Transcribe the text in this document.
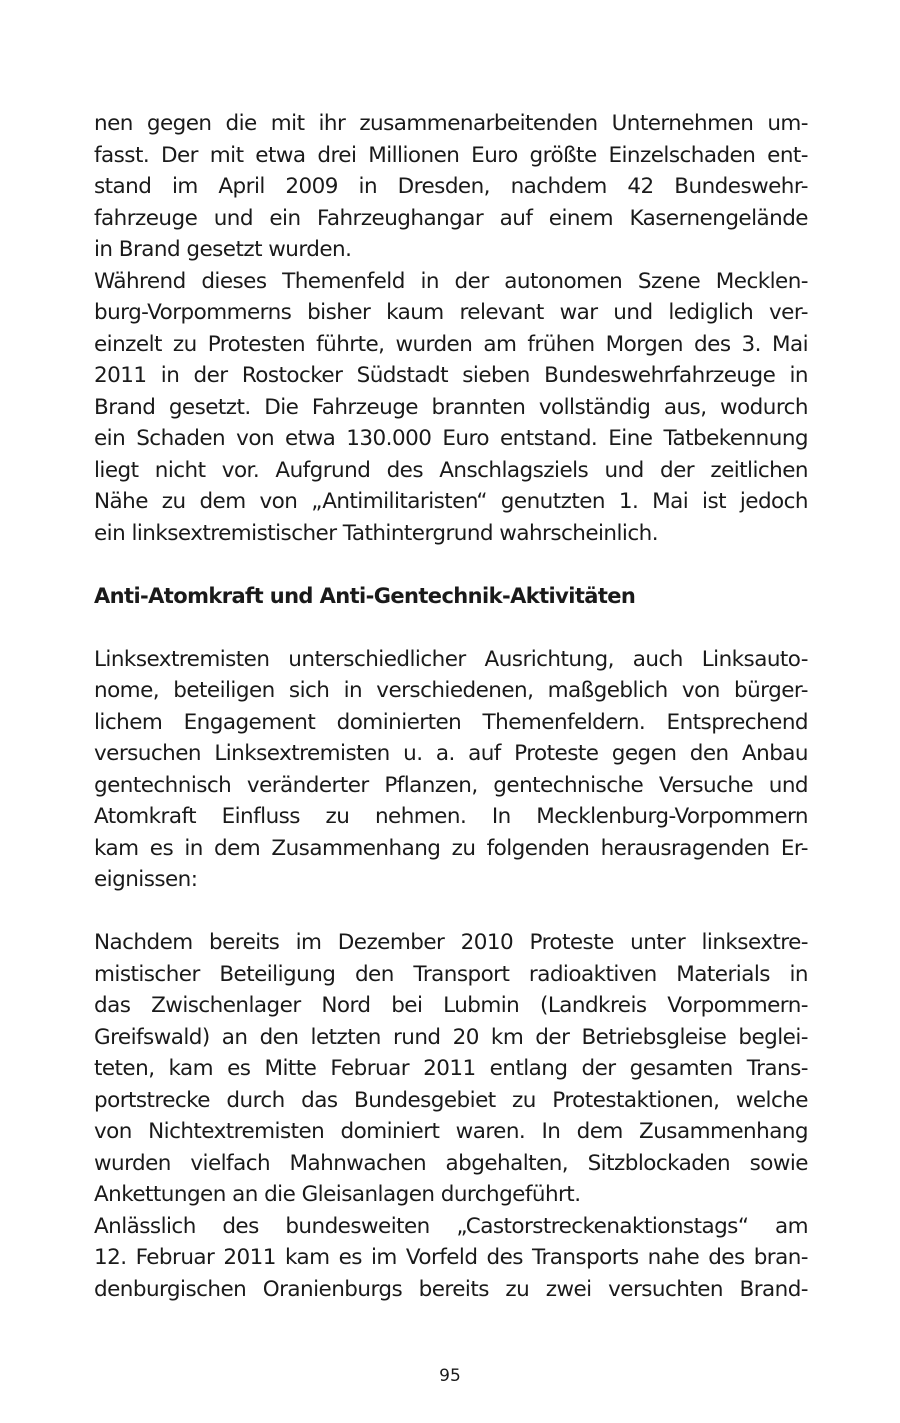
nen gegen die mit ihr zusammenarbeitenden Unternehmen um-
fasst. Der mit etwa drei Millionen Euro größte Einzelschaden ent-
stand im April 2009 in Dresden, nachdem 42 Bundeswehr-
fahrzeuge und ein Fahrzeughangar auf einem Kasernengelände
in Brand gesetzt wurden.
Während dieses Themenfeld in der autonomen Szene Mecklen-
burg-Vorpommerns bisher kaum relevant war und lediglich ver-
einzelt zu Protesten führte, wurden am frühen Morgen des 3. Mai
2011 in der Rostocker Südstadt sieben Bundeswehrfahrzeuge in
Brand gesetzt. Die Fahrzeuge brannten vollständig aus, wodurch
ein Schaden von etwa 130.000 Euro entstand. Eine Tatbekennung
liegt nicht vor. Aufgrund des Anschlagsziels und der zeitlichen
Nähe zu dem von „Antimilitaristen“ genutzten 1. Mai ist jedoch
ein linksextremistischer Tathintergrund wahrscheinlich.
Anti-Atomkraft und Anti-Gentechnik-Aktivitäten
Linksextremisten unterschiedlicher Ausrichtung, auch Linksauto-
nome, beteiligen sich in verschiedenen, maßgeblich von bürger-
lichem Engagement dominierten Themenfeldern. Entsprechend
versuchen Linksextremisten u. a. auf Proteste gegen den Anbau
gentechnisch veränderter Pflanzen, gentechnische Versuche und
Atomkraft Einfluss zu nehmen. In Mecklenburg-Vorpommern
kam es in dem Zusammenhang zu folgenden herausragenden Er-
eignissen:
Nachdem bereits im Dezember 2010 Proteste unter linksextre-
mistischer Beteiligung den Transport radioaktiven Materials in
das Zwischenlager Nord bei Lubmin (Landkreis Vorpommern-
Greifswald) an den letzten rund 20 km der Betriebsgleise beglei-
teten, kam es Mitte Februar 2011 entlang der gesamten Trans-
portstrecke durch das Bundesgebiet zu Protestaktionen, welche
von Nichtextremisten dominiert waren. In dem Zusammenhang
wurden vielfach Mahnwachen abgehalten, Sitzblockaden sowie
Ankettungen an die Gleisanlagen durchgeführt.
Anlässlich des bundesweiten „Castorstreckenaktionstags“ am
12. Februar 2011 kam es im Vorfeld des Transports nahe des bran-
denburgischen Oranienburgs bereits zu zwei versuchten Brand-
95
